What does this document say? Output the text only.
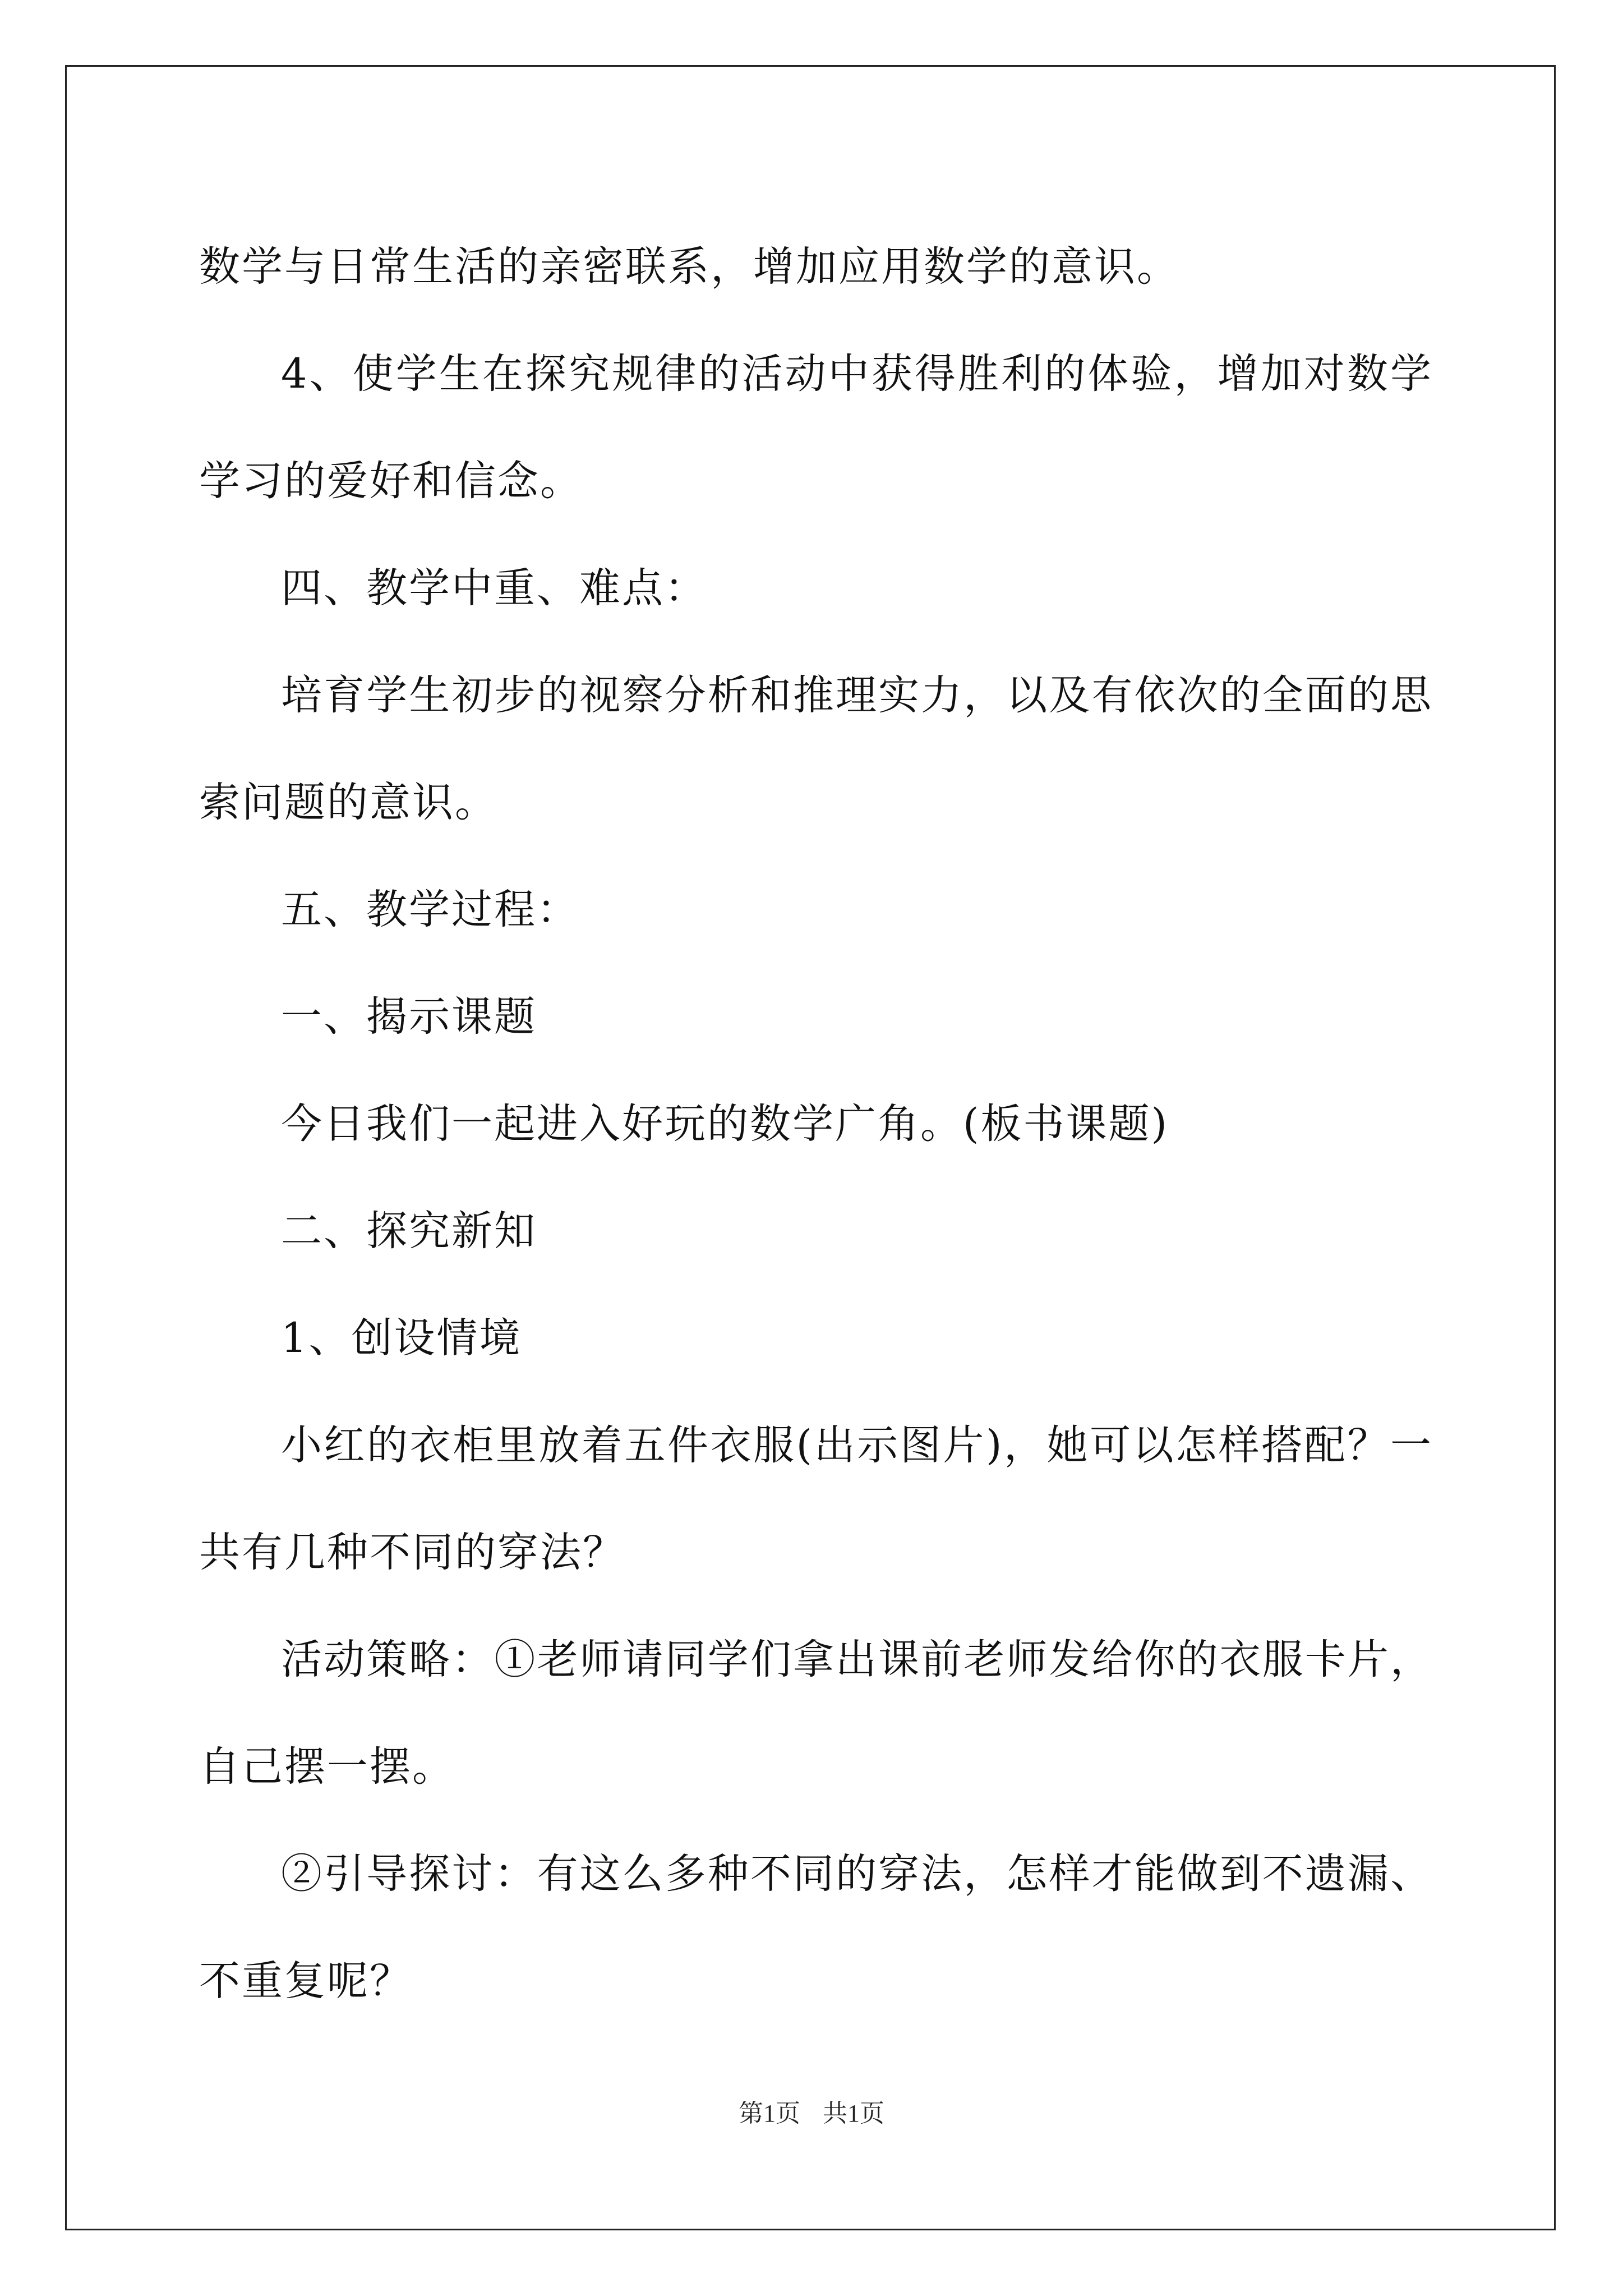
数学与日常生活的亲密联系，增加应用数学的意识。

4、使学生在探究规律的活动中获得胜利的体验，增加对数学学习的爱好和信念。

四、教学中重、难点：

培育学生初步的视察分析和推理实力，以及有依次的全面的思索问题的意识。

五、教学过程：

一、揭示课题

今日我们一起进入好玩的数学广角。(板书课题)

二、探究新知

1、创设情境

小红的衣柜里放着五件衣服(出示图片)，她可以怎样搭配？一共有几种不同的穿法？

活动策略：①老师请同学们拿出课前老师发给你的衣服卡片，自己摆一摆。

②引导探讨：有这么多种不同的穿法，怎样才能做到不遗漏、不重复呢？

第1页 共1页
